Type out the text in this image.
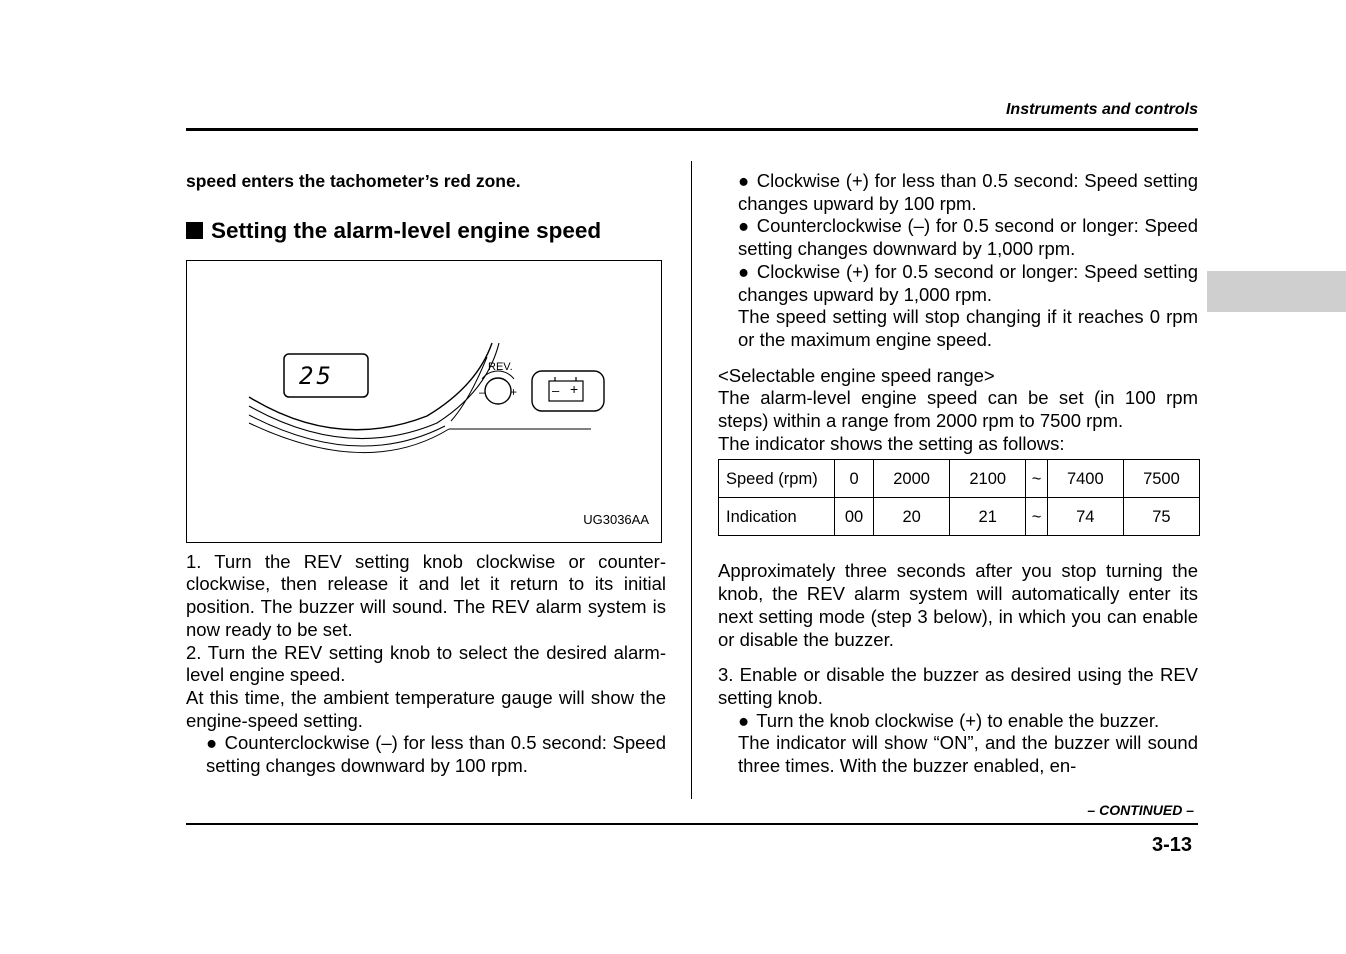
Instruments and controls

speed enters the tachometer’s red zone.

Setting the alarm-level engine speed
25	REV.
– +	– +
UG3036AA

1. Turn the REV setting knob clockwise or counter-clockwise, then release it and let it return to its initial position. The buzzer will sound. The REV alarm system is now ready to be set.

2. Turn the REV setting knob to select the desired alarm-level engine speed.

At this time, the ambient temperature gauge will show the engine-speed setting.

● Counterclockwise (–) for less than 0.5 second: Speed setting changes downward by 100 rpm.

● Clockwise (+) for less than 0.5 second: Speed setting changes upward by 100 rpm.

● Counterclockwise (–) for 0.5 second or longer: Speed setting changes downward by 1,000 rpm.

● Clockwise (+) for 0.5 second or longer: Speed setting changes upward by 1,000 rpm.

The speed setting will stop changing if it reaches 0 rpm or the maximum engine speed.

<Selectable engine speed range>

The alarm-level engine speed can be set (in 100 rpm steps) within a range from 2000 rpm to 7500 rpm.

The indicator shows the setting as follows:

Speed (rpm)	0	2000	2100	~	7400	7500
Indication	00	20	21	~	74	75

Approximately three seconds after you stop turning the knob, the REV alarm system will automatically enter its next setting mode (step 3 below), in which you can enable or disable the buzzer.

3. Enable or disable the buzzer as desired using the REV setting knob.

● Turn the knob clockwise (+) to enable the buzzer.

The indicator will show “ON”, and the buzzer will sound three times. With the buzzer enabled, en-

– CONTINUED –
3-13
